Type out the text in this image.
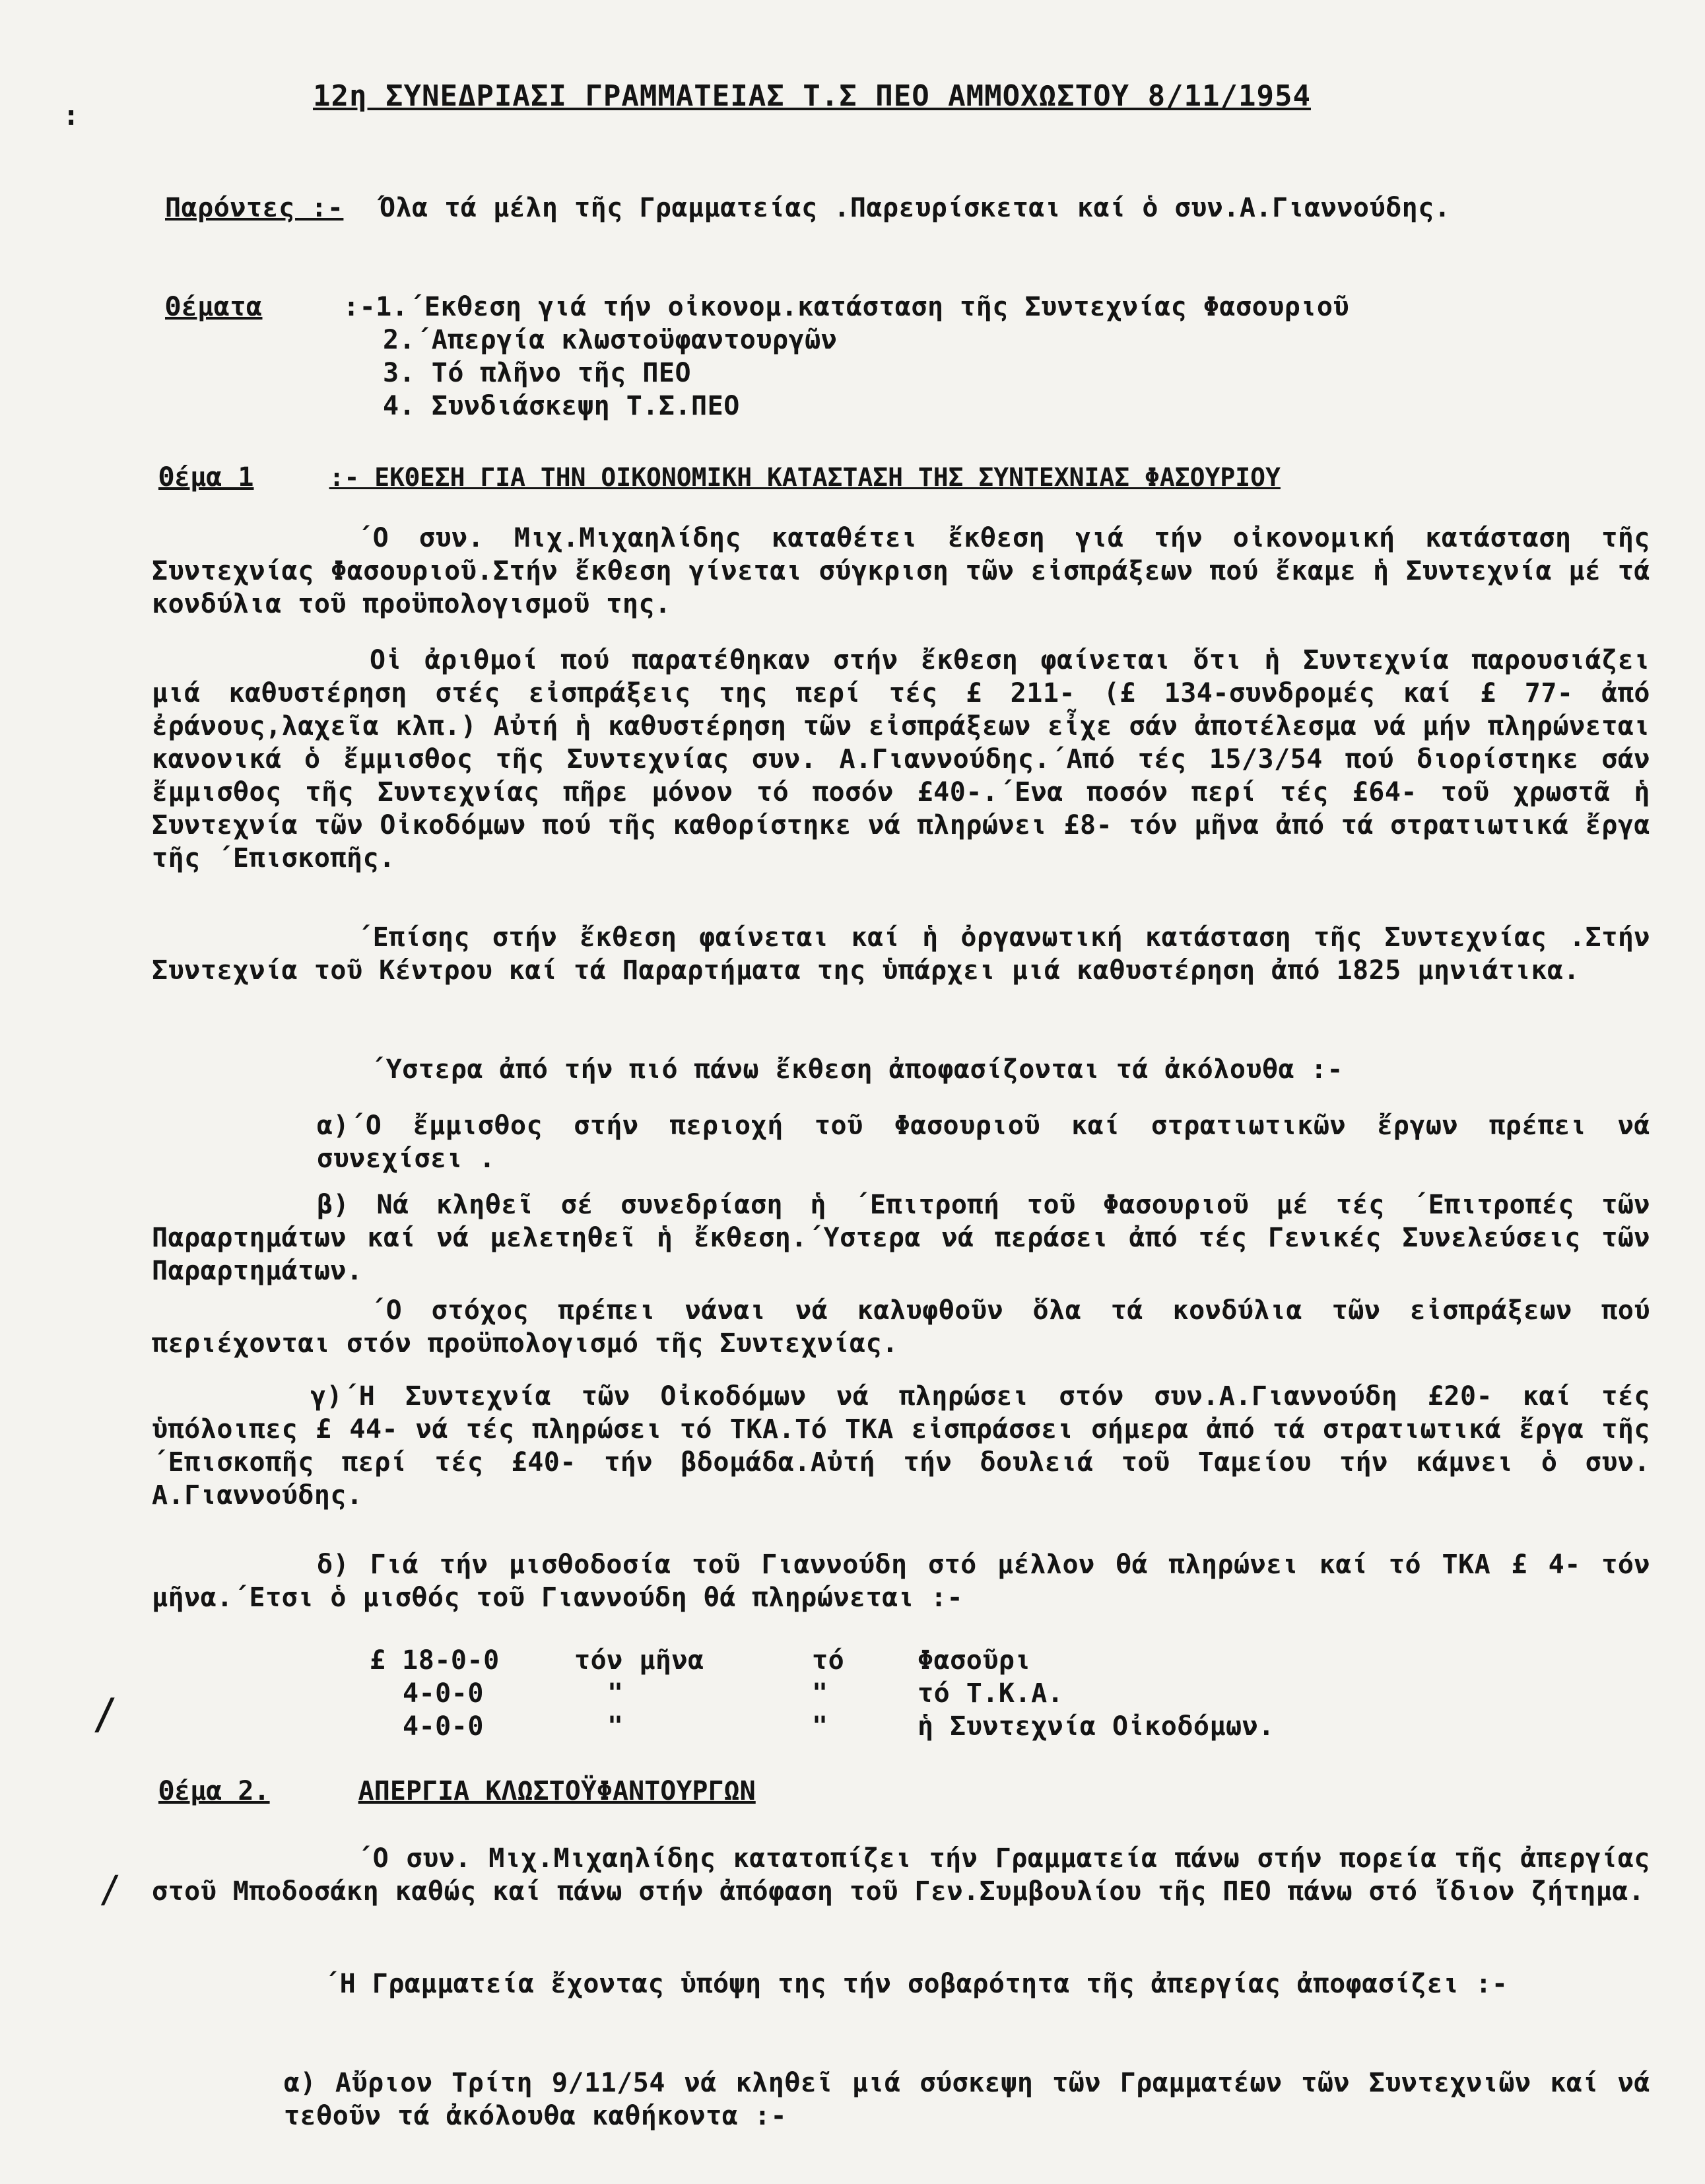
:
12η ΣΥΝΕΔΡΙΑΣΙ ΓΡΑΜΜΑΤΕΙΑΣ Τ.Σ ΠΕΟ ΑΜΜΟΧΩΣΤΟΥ 8/11/1954
Παρόντες :- Όλα τά μέλη τῆς Γραμματείας .Παρευρίσκεται καί ὁ συν.Α.Γιαννούδης.
Θέματα	:-1.΄Εκθεση γιά τήν οἰκονομ.κατάσταση τῆς Συντεχνίας Φασουριοῦ
2.΄Απεργία κλωστοϋφαντουργῶν
3. Τό πλῆνο τῆς ΠΕΟ
4. Συνδιάσκεψη Τ.Σ.ΠΕΟ
Θέμα 1	:- ΕΚΘΕΣΗ ΓΙΑ ΤΗΝ ΟΙΚΟΝΟΜΙΚΗ ΚΑΤΑΣΤΑΣΗ ΤΗΣ ΣΥΝΤΕΧΝΙΑΣ ΦΑΣΟΥΡΙΟΥ
΄Ο συν. Μιχ.Μιχαηλίδης καταθέτει ἔκθεση γιά τήν οἰκονομική κατάσταση τῆς Συντεχνίας Φασουριοῦ.Στήν ἔκθεση γίνεται σύγκριση τῶν εἰσπράξεων πού ἔκαμε ἡ Συντεχνία μέ τά κονδύλια τοῦ προϋπολογισμοῦ της.
Οἱ ἀριθμοί πού παρατέθηκαν στήν ἔκθεση φαίνεται ὅτι ἡ Συντεχνία παρουσιάζει μιά καθυστέρηση στές εἰσπράξεις της περί τές £ 211- (£ 134-συνδρομές καί £ 77- ἀπό ἐράνους,λαχεῖα κλπ.) Αὐτή ἡ καθυστέρηση τῶν εἰσπράξεων εἶχε σάν ἀποτέλεσμα νά μήν πληρώνεται κανονικά ὁ ἔμμισθος τῆς Συντεχνίας συν. Α.Γιαννούδης.΄Από τές 15/3/54 πού διορίστηκε σάν ἔμμισθος τῆς Συντεχνίας πῆρε μόνον τό ποσόν £40-.΄Ενα ποσόν περί τές £64- τοῦ χρωστᾶ ἡ Συντεχνία τῶν Οἰκοδόμων πού τῆς καθορίστηκε νά πληρώνει £8- τόν μῆνα ἀπό τά στρατιωτικά ἔργα τῆς ΄Επισκοπῆς.
΄Επίσης στήν ἔκθεση φαίνεται καί ἡ ὀργανωτική κατάσταση τῆς Συντεχνίας .Στήν Συντεχνία τοῦ Κέντρου καί τά Παραρτήματα της ὑπάρχει μιά καθυστέρηση ἀπό 1825 μηνιάτικα.
΄Υστερα ἀπό τήν πιό πάνω ἔκθεση ἀποφασίζονται τά ἀκόλουθα :-
α)΄Ο ἔμμισθος στήν περιοχή τοῦ Φασουριοῦ καί στρατιωτικῶν ἔργων πρέπει νά συνεχίσει .
β) Νά κληθεῖ σέ συνεδρίαση ἡ ΄Επιτροπή τοῦ Φασουριοῦ μέ τές ΄Επιτροπές τῶν Παραρτημάτων καί νά μελετηθεῖ ἡ ἔκθεση.΄Υστερα νά περάσει ἀπό τές Γενικές Συνελεύσεις τῶν Παραρτημάτων.
΄Ο στόχος πρέπει νάναι νά καλυφθοῦν ὅλα τά κονδύλια τῶν εἰσπράξεων πού περιέχονται στόν προϋπολογισμό τῆς Συντεχνίας.
γ)΄Η Συντεχνία τῶν Οἰκοδόμων νά πληρώσει στόν συν.Α.Γιαννούδη £20- καί τές ὑπόλοιπες £ 44- νά τές πληρώσει τό ΤΚΑ.Τό ΤΚΑ εἰσπράσσει σήμερα ἀπό τά στρατιωτικά ἔργα τῆς ΄Επισκοπῆς περί τές £40- τήν βδομάδα.Αὐτή τήν δουλειά τοῦ Ταμείου τήν κάμνει ὁ συν. Α.Γιαννούδης.
δ) Γιά τήν μισθοδοσία τοῦ Γιαννούδη στό μέλλον θά πληρώνει καί τό ΤΚΑ £ 4- τόν μῆνα.΄Ετσι ὁ μισθός τοῦ Γιαννούδη θά πληρώνεται :-
£ 18-0-0	τόν μῆνα	τό	Φασοῦρι
4-0-0	"	"	τό Τ.Κ.Α.
4-0-0	"	"	ἡ Συντεχνία Οἰκοδόμων.
/
/
Θέμα 2.	ΑΠΕΡΓΙΑ ΚΛΩΣΤΟΫΦΑΝΤΟΥΡΓΩΝ
΄Ο συν. Μιχ.Μιχαηλίδης κατατοπίζει τήν Γραμματεία πάνω στήν πορεία τῆς ἀπεργίας στοῦ Μποδοσάκη καθώς καί πάνω στήν ἀπόφαση τοῦ Γεν.Συμβουλίου τῆς ΠΕΟ πάνω στό ἴδιον ζήτημα.
΄Η Γραμματεία ἔχοντας ὑπόψη της τήν σοβαρότητα τῆς ἀπεργίας ἀποφασίζει :-
α) Αὔριον Τρίτη 9/11/54 νά κληθεῖ μιά σύσκεψη τῶν Γραμματέων τῶν Συντεχνιῶν καί νά τεθοῦν τά ἀκόλουθα καθήκοντα :-
